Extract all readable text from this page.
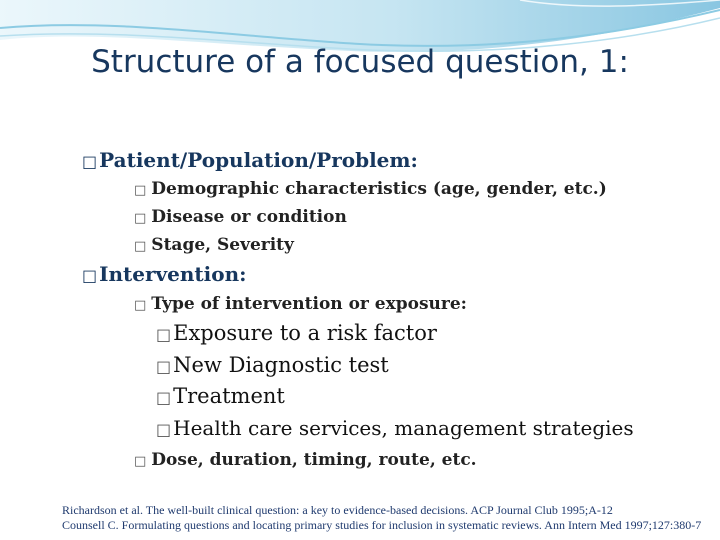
Structure of a focused question, 1:
□ Patient/Population/Problem:
□ Demographic characteristics (age, gender, etc.)
□ Disease or condition
□ Stage, Severity
□ Intervention:
□ Type of intervention or exposure:
□Exposure to a risk factor
□New Diagnostic test
□Treatment
□ Health care services, management strategies
□ Dose, duration, timing, route, etc.
Richardson et al. The well-built clinical question: a key to evidence-based decisions. ACP Journal Club 1995;A-12
Counsell C. Formulating questions and locating primary studies for inclusion in systematic reviews. Ann Intern Med 1997;127:380-7
